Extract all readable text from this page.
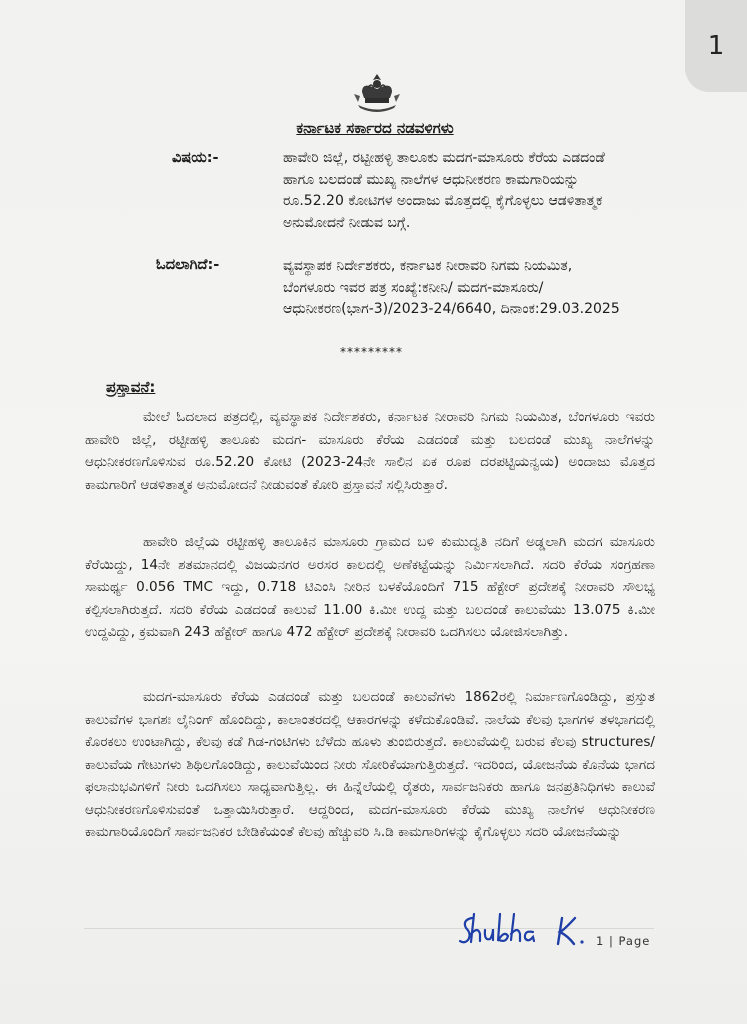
1
ಕರ್ನಾಟಕ ಸರ್ಕಾರದ ನಡವಳಿಗಳು
ವಿಷಯ:-	ಹಾವೇರಿ ಜಿಲ್ಲೆ, ರಟ್ಟೀಹಳ್ಳಿ ತಾಲೂಕು ಮದಗ-ಮಾಸೂರು ಕೆರೆಯ ಎಡದಂಡೆ ಹಾಗೂ ಬಲದಂಡೆ ಮುಖ್ಯ ನಾಲೆಗಳ ಆಧುನೀಕರಣ ಕಾಮಗಾರಿಯನ್ನು ರೂ.52.20 ಕೋಟಿಗಳ ಅಂದಾಜು ಮೊತ್ತದಲ್ಲಿ ಕೈಗೊಳ್ಳಲು ಆಡಳಿತಾತ್ಮಕ ಅನುಮೋದನೆ ನೀಡುವ ಬಗ್ಗೆ.
ಓದಲಾಗಿದೆ:-	ವ್ಯವಸ್ಥಾಪಕ ನಿರ್ದೇಶಕರು, ಕರ್ನಾಟಕ ನೀರಾವರಿ ನಿಗಮ ನಿಯಮಿತ, ಬೆಂಗಳೂರು ಇವರ ಪತ್ರ ಸಂಖ್ಯೆ:ಕನೀನಿ/ ಮದಗ-ಮಾಸೂರು/ಆಧುನೀಕರಣ(ಭಾಗ-3)/2023-24/6640, ದಿನಾಂಕ:29.03.2025
*********
ಪ್ರಸ್ತಾವನೆ:

ಮೇಲೆ ಓದಲಾದ ಪತ್ರದಲ್ಲಿ, ವ್ಯವಸ್ಥಾಪಕ ನಿರ್ದೇಶಕರು, ಕರ್ನಾಟಕ ನೀರಾವರಿ ನಿಗಮ ನಿಯಮಿತ, ಬೆಂಗಳೂರು ಇವರು ಹಾವೇರಿ ಜಿಲ್ಲೆ, ರಟ್ಟೀಹಳ್ಳಿ ತಾಲೂಕು ಮದಗ- ಮಾಸೂರು ಕೆರೆಯ ಎಡದಂಡೆ ಮತ್ತು ಬಲದಂಡೆ ಮುಖ್ಯ ನಾಲೆಗಳನ್ನು ಆಧುನೀಕರಣಗೊಳಿಸುವ ರೂ.52.20 ಕೋಟಿ (2023-24ನೇ ಸಾಲಿನ ಏಕ ರೂಪ ದರಪಟ್ಟಿಯನ್ವಯ) ಅಂದಾಜು ಮೊತ್ತದ ಕಾಮಗಾರಿಗೆ ಆಡಳಿತಾತ್ಮಕ ಅನುಮೋದನೆ ನೀಡುವಂತೆ ಕೋರಿ ಪ್ರಸ್ತಾವನೆ ಸಲ್ಲಿಸಿರುತ್ತಾರೆ.

ಹಾವೇರಿ ಜಿಲ್ಲೆಯ ರಟ್ಟೀಹಳ್ಳಿ ತಾಲೂಕಿನ ಮಾಸೂರು ಗ್ರಾಮದ ಬಳಿ ಕುಮುದ್ವತಿ ನದಿಗೆ ಅಡ್ಡಲಾಗಿ ಮದಗ ಮಾಸೂರು ಕೆರೆಯಿದ್ದು, 14ನೇ ಶತಮಾನದಲ್ಲಿ ವಿಜಯನಗರ ಅರಸರ ಕಾಲದಲ್ಲಿ ಅಣೆಕಟ್ಟೆಯನ್ನು ನಿರ್ಮಿಸಲಾಗಿದೆ. ಸದರಿ ಕೆರೆಯ ಸಂಗ್ರಹಣಾ ಸಾಮರ್ಥ್ಯ 0.056 TMC ಇದ್ದು, 0.718 ಟಿಎಂಸಿ ನೀರಿನ ಬಳಕೆಯೊಂದಿಗೆ 715 ಹೆಕ್ಟೇರ್ ಪ್ರದೇಶಕ್ಕೆ ನೀರಾವರಿ ಸೌಲಭ್ಯ ಕಲ್ಪಿಸಲಾಗಿರುತ್ತದೆ. ಸದರಿ ಕೆರೆಯ ಎಡದಂಡೆ ಕಾಲುವೆ 11.00 ಕಿ.ಮೀ ಉದ್ದ ಮತ್ತು ಬಲದಂಡೆ ಕಾಲುವೆಯು 13.075 ಕಿ.ಮೀ ಉದ್ದವಿದ್ದು, ಕ್ರಮವಾಗಿ 243 ಹೆಕ್ಟೇರ್ ಹಾಗೂ 472 ಹೆಕ್ಟೇರ್ ಪ್ರದೇಶಕ್ಕೆ ನೀರಾವರಿ ಒದಗಿಸಲು ಯೋಜಿಸಲಾಗಿತ್ತು.

ಮದಗ-ಮಾಸೂರು ಕೆರೆಯ ಎಡದಂಡೆ ಮತ್ತು ಬಲದಂಡೆ ಕಾಲುವೆಗಳು 1862ರಲ್ಲಿ ನಿರ್ಮಾಣಗೊಂಡಿದ್ದು, ಪ್ರಸ್ತುತ ಕಾಲುವೆಗಳ ಭಾಗಶಃ ಲೈನಿಂಗ್ ಹೊಂದಿದ್ದು, ಕಾಲಾಂತರದಲ್ಲಿ ಆಕಾರಗಳನ್ನು ಕಳೆದುಕೊಂಡಿವೆ. ನಾಲೆಯ ಕೆಲವು ಭಾಗಗಳ ತಳಭಾಗದಲ್ಲಿ ಕೊರಕಲು ಉಂಟಾಗಿದ್ದು, ಕೆಲವು ಕಡೆ ಗಿಡ-ಗಂಟಿಗಳು ಬೆಳೆದು ಹೂಳು ತುಂಬಿರುತ್ತದೆ. ಕಾಲುವೆಯಲ್ಲಿ ಬರುವ ಕೆಲವು structures/ ಕಾಲುವೆಯ ಗೇಟುಗಳು ಶಿಥಿಲಗೊಂಡಿದ್ದು, ಕಾಲುವೆಯಿಂದ ನೀರು ಸೋರಿಕೆಯಾಗುತ್ತಿರುತ್ತದೆ. ಇದರಿಂದ, ಯೋಜನೆಯ ಕೊನೆಯ ಭಾಗದ ಫಲಾನುಭವಿಗಳಿಗೆ ನೀರು ಒದಗಿಸಲು ಸಾಧ್ಯವಾಗುತ್ತಿಲ್ಲ. ಈ ಹಿನ್ನೆಲೆಯಲ್ಲಿ ರೈತರು, ಸಾರ್ವಜನಿಕರು ಹಾಗೂ ಜನಪ್ರತಿನಿಧಿಗಳು ಕಾಲುವೆ ಆಧುನೀಕರಣಗೊಳಿಸುವಂತೆ ಒತ್ತಾಯಿಸಿರುತ್ತಾರೆ. ಆದ್ದರಿಂದ, ಮದಗ-ಮಾಸೂರು ಕೆರೆಯ ಮುಖ್ಯ ನಾಲೆಗಳ ಆಧುನೀಕರಣ ಕಾಮಗಾರಿಯೊಂದಿಗೆ ಸಾರ್ವಜನಿಕರ ಬೇಡಿಕೆಯಂತೆ ಕೆಲವು ಹೆಚ್ಚುವರಿ ಸಿ.ಡಿ ಕಾಮಗಾರಿಗಳನ್ನು ಕೈಗೊಳ್ಳಲು ಸದರಿ ಯೋಜನೆಯನ್ನು

1 | Page
